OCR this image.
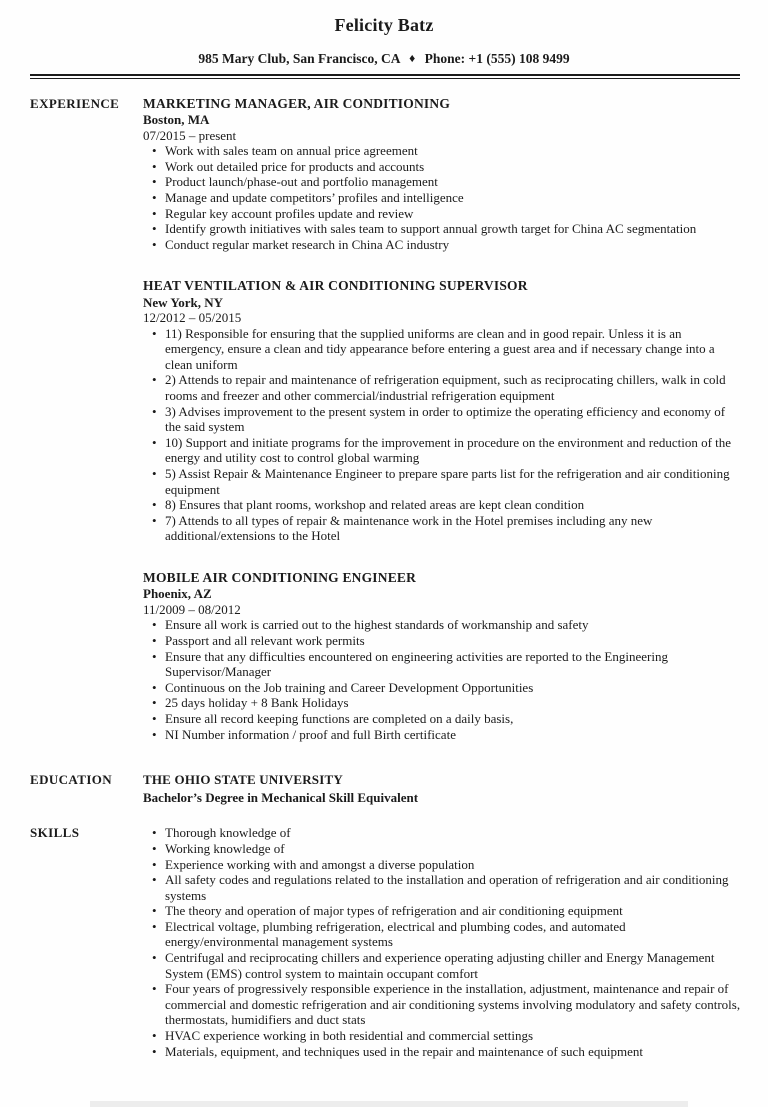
Felicity Batz
985 Mary Club, San Francisco, CA ♦ Phone: +1 (555) 108 9499
EXPERIENCE	MARKETING MANAGER, AIR CONDITIONING
Boston, MA
07/2015 – present
• Work with sales team on annual price agreement
• Work out detailed price for products and accounts
• Product launch/phase-out and portfolio management
• Manage and update competitors’ profiles and intelligence
• Regular key account profiles update and review
• Identify growth initiatives with sales team to support annual growth target for China AC segmentation
• Conduct regular market research in China AC industry
HEAT VENTILATION & AIR CONDITIONING SUPERVISOR
New York, NY
12/2012 – 05/2015
• 11) Responsible for ensuring that the supplied uniforms are clean and in good repair. Unless it is an emergency, ensure a clean and tidy appearance before entering a guest area and if necessary change into a clean uniform
• 2) Attends to repair and maintenance of refrigeration equipment, such as reciprocating chillers, walk in cold rooms and freezer and other commercial/industrial refrigeration equipment
• 3) Advises improvement to the present system in order to optimize the operating efficiency and economy of the said system
• 10) Support and initiate programs for the improvement in procedure on the environment and reduction of the energy and utility cost to control global warming
• 5) Assist Repair & Maintenance Engineer to prepare spare parts list for the refrigeration and air conditioning equipment
• 8) Ensures that plant rooms, workshop and related areas are kept clean condition
• 7) Attends to all types of repair & maintenance work in the Hotel premises including any new additional/extensions to the Hotel
MOBILE AIR CONDITIONING ENGINEER
Phoenix, AZ
11/2009 – 08/2012
• Ensure all work is carried out to the highest standards of workmanship and safety
• Passport and all relevant work permits
• Ensure that any difficulties encountered on engineering activities are reported to the Engineering Supervisor/Manager
• Continuous on the Job training and Career Development Opportunities
• 25 days holiday + 8 Bank Holidays
• Ensure all record keeping functions are completed on a daily basis,
• NI Number information / proof and full Birth certificate
EDUCATION	THE OHIO STATE UNIVERSITY
Bachelor’s Degree in Mechanical Skill Equivalent
SKILLS	• Thorough knowledge of
• Working knowledge of
• Experience working with and amongst a diverse population
• All safety codes and regulations related to the installation and operation of refrigeration and air conditioning systems
• The theory and operation of major types of refrigeration and air conditioning equipment
• Electrical voltage, plumbing refrigeration, electrical and plumbing codes, and automated energy/environmental management systems
• Centrifugal and reciprocating chillers and experience operating adjusting chiller and Energy Management System (EMS) control system to maintain occupant comfort
• Four years of progressively responsible experience in the installation, adjustment, maintenance and repair of commercial and domestic refrigeration and air conditioning systems involving modulatory and safety controls, thermostats, humidifiers and duct stats
• HVAC experience working in both residential and commercial settings
• Materials, equipment, and techniques used in the repair and maintenance of such equipment
